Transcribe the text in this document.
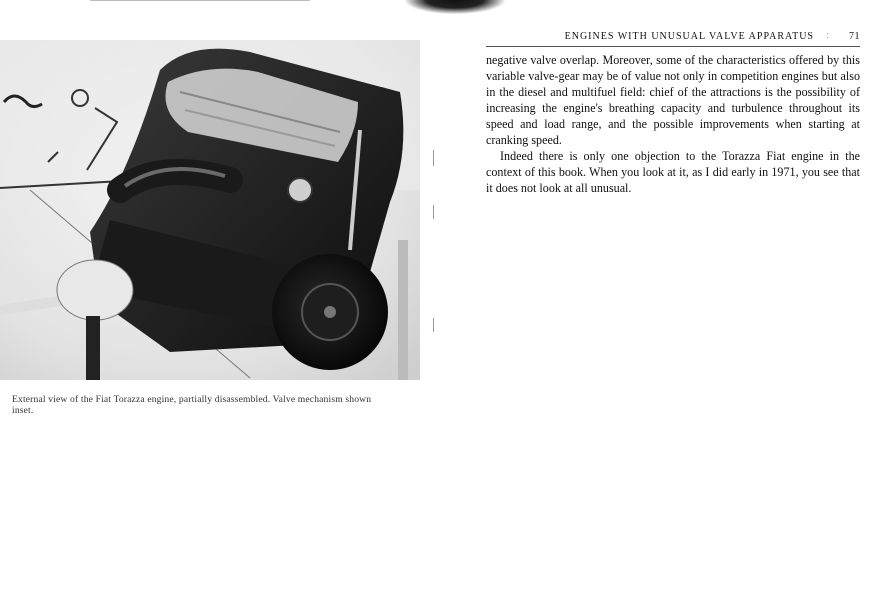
External view of the Fiat Torazza engine, partially disassembled. Valve mechanism shown inset.

ENGINES WITH UNUSUAL VALVE APPARATUS : 71

negative valve overlap. Moreover, some of the characteristics offered by this variable valve-gear may be of value not only in competition engines but also in the diesel and multifuel field: chief of the attractions is the possibility of increasing the engine's breathing capacity and turbulence throughout its speed and load range, and the possible improvements when starting at cranking speed.

Indeed there is only one objection to the Torazza Fiat engine in the context of this book. When you look at it, as I did early in 1971, you see that it does not look at all unusual.
